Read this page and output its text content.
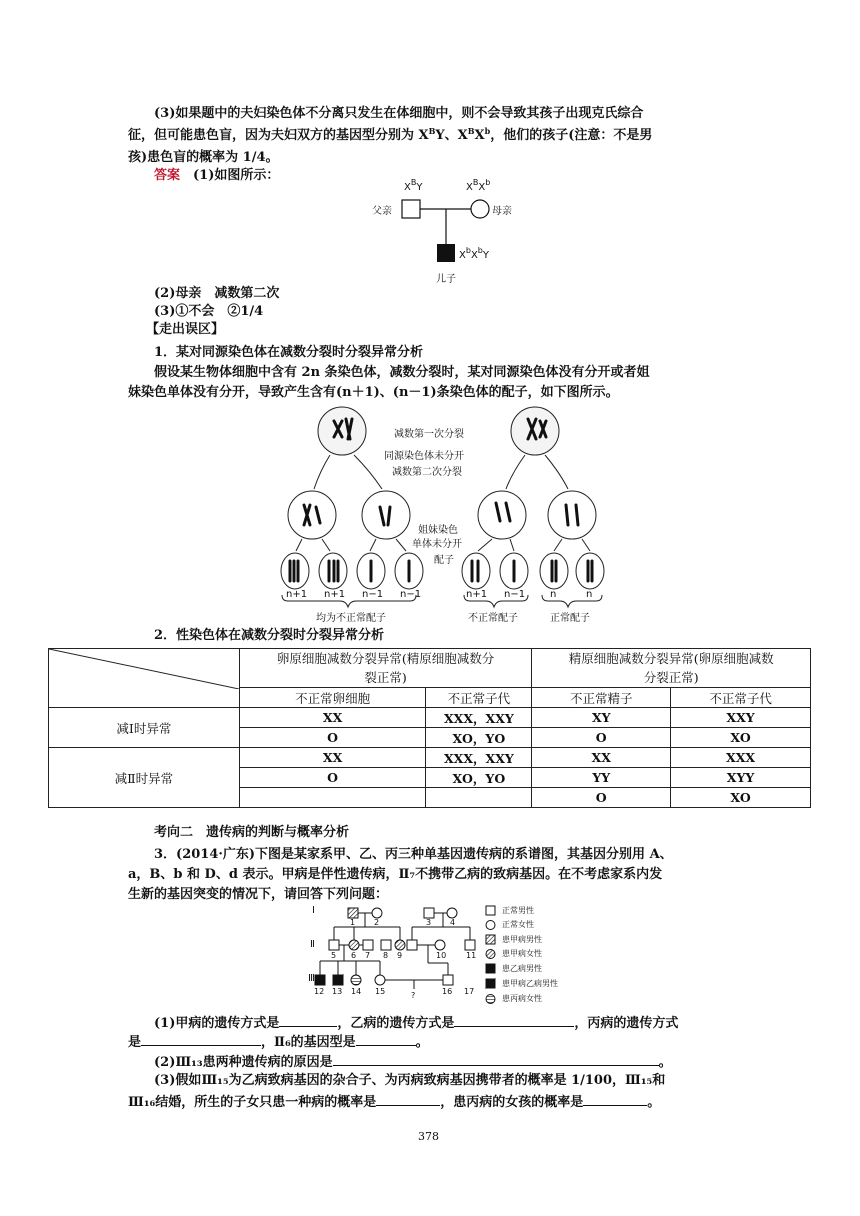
(3)如果题中的夫妇染色体不分离只发生在体细胞中，则不会导致其孩子出现克氏综合
征，但可能患色盲，因为夫妇双方的基因型分别为 $X^BY$、$X^BX^b$，他们的孩子(注意：不是男
孩)患色盲的概率为 1/4。
答案　 (1)如图所示：
$X^BY$	$X^BX^b$
父亲	母亲
$X^bX^bY$
儿子
(2)母亲　减数第二次
(3)①不会　②1/4
【走出误区】
1．某对同源染色体在减数分裂时分裂异常分析
假设某生物体细胞中含有 2n 条染色体，减数分裂时，某对同源染色体没有分开或者姐
妹染色单体没有分开，导致产生含有(n＋1)、(n－1)条染色体的配子，如下图所示。
减数第一次分裂
同源染色体未分开
减数第二次分裂
姐妹染色
单体未分开
配子
n+1 n+1 n−1 n−1	n+1 n−1 n	n
均为不正常配子	不正常配子	正常配子
2．性染色体在减数分裂时分裂异常分析
	卵原细胞减数分裂异常(精原细胞减数分
裂正常)		精原细胞减数分裂异常(卵原细胞减数
分裂正常)	
	不正常卵细胞	不正常子代	不正常精子	不正常子代
减Ⅰ时异常	XX	XXX，XXY	XY	XXY
	O	XO，YO	O	XO
减Ⅱ时异常	XX	XXX，XXY	XX	XXX
	O	XO，YO	YY	XYY
			O	XO
考向二　遗传病的判断与概率分析
3．(2014·广东)下图是某家系甲、乙、丙三种单基因遗传病的系谱图，其基因分别用 A、
a，B、b 和 D、d 表示。甲病是伴性遗传病，Ⅱ₇不携带乙病的致病基因。在不考虑家系内发
生新的基因突变的情况下，请回答下列问题：
Ⅰ
Ⅱ
Ⅲ
1 2	3 4
5 6 7 8 9	10 11
12 13 14 15	16 17
?
正常男性
正常女性
患甲病男性
患甲病女性
患乙病男性
患甲病乙病男性
患丙病女性
(1)甲病的遗传方式是	，乙病的遗传方式是	，丙病的遗传方式
是	，Ⅱ₆的基因型是	。
(2)Ⅲ₁₃患两种遗传病的原因是	。
(3)假如Ⅲ₁₅为乙病致病基因的杂合子、为丙病致病基因携带者的概率是 1/100，Ⅲ₁₅和
Ⅲ₁₆结婚，所生的子女只患一种病的概率是	，患丙病的女孩的概率是	。
378
